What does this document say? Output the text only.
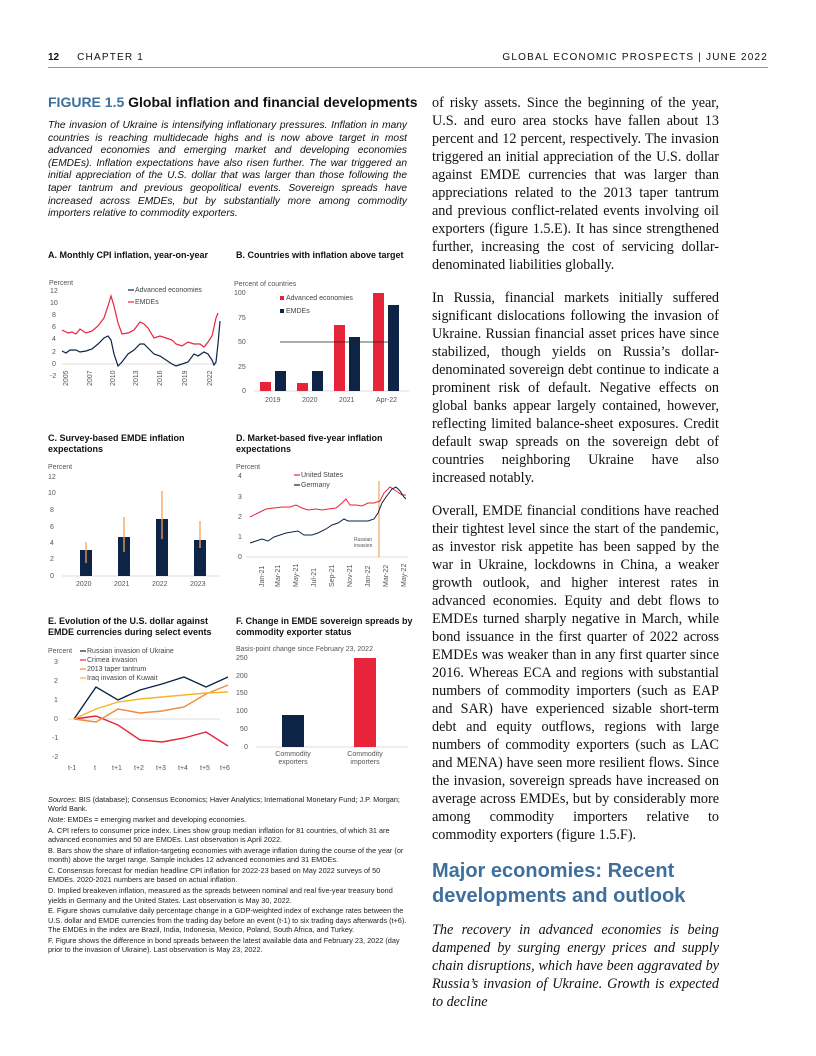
12 CHAPTER 1	GLOBAL ECONOMIC PROSPECTS | JUNE 2022
FIGURE 1.5 Global inflation and financial developments

The invasion of Ukraine is intensifying inflationary pressures. Inflation in many countries is reaching multidecade highs and is now above target in most advanced economies and emerging market and developing economies (EMDEs). Inflation expectations have also risen further. The war triggered an initial appreciation of the U.S. dollar that was larger than those following the taper tantrum and previous geopolitical events. Sovereign spreads have increased across EMDEs, but by substantially more among commodity importers relative to commodity exporters.

A. Monthly CPI inflation, year-on-year
Percent
12
10
8
6
4
2
0
-2
Advanced economies
EMDEs
2005 2007 2010 2013 2016	2019	2022
B. Countries with inflation above target
Percent of countries
100
75
50
25
0
Advanced economies
EMDEs
2019	2020	2021	Apr-22
C. Survey-based EMDE inflation expectations
Percent
12
10
8
6
4
2
0
2020	2021	2022	2023
D. Market-based five-year inflation expectations
Percent
4
3
2
1
0
Russian
invasion
United States
Germany
Jan-21 Mar-21 May-21 Jul-21 Sep-21 Nov-21 Jan-22 Mar-22 May-22
E. Evolution of the U.S. dollar against EMDE currencies during select events
Percent
3
2
1
0
-1
-2
Russian invasion of Ukraine
Crimea invasion
2013 taper tantrum
Iraq invasion of Kuwait
t-1	t t+1 t+2 t+3 t+4 t+5 t+6
F. Change in EMDE sovereign spreads by commodity exporter status
Basis-point change since February 23, 2022
250
200
150
100
50
0
Commodity
exporters
Commodity
importers

Sources: BIS (database); Consensus Economics; Haver Analytics; International Monetary Fund; J.P. Morgan; World Bank.

Note: EMDEs = emerging market and developing economies.

A. CPI refers to consumer price index. Lines show group median inflation for 81 countries, of which 31 are advanced economies and 50 are EMDEs. Last observation is April 2022.

B. Bars show the share of inflation-targeting economies with average inflation during the course of the year (or month) above the target range. Sample includes 12 advanced economies and 31 EMDEs.

C. Consensus forecast for median headline CPI inflation for 2022-23 based on May 2022 surveys of 50 EMDEs. 2020-2021 numbers are based on actual inflation.

D. Implied breakeven inflation, measured as the spreads between nominal and real five-year treasury bond yields in Germany and the United States. Last observation is May 30, 2022.

E. Figure shows cumulative daily percentage change in a GDP-weighted index of exchange rates between the U.S. dollar and EMDE currencies from the trading day before an event (t-1) to six trading days afterwards (t+6). The EMDEs in the index are Brazil, India, Indonesia, Mexico, Poland, South Africa, and Turkey.

F. Figure shows the difference in bond spreads between the latest available data and February 23, 2022 (day prior to the invasion of Ukraine). Last observation is May 23, 2022.

of risky assets. Since the beginning of the year, U.S. and euro area stocks have fallen about 13 percent and 12 percent, respectively. The invasion triggered an initial appreciation of the U.S. dollar against EMDE currencies that was larger than appreciations related to the 2013 taper tantrum and previous conflict-related events involving oil exporters (figure 1.5.E). It has since strengthened further, increasing the cost of servicing dollar-denominated liabilities globally.

In Russia, financial markets initially suffered significant dislocations following the invasion of Ukraine. Russian financial asset prices have since stabilized, though yields on Russia’s dollar-denominated sovereign debt continue to indicate a prominent risk of default. Negative effects on global banks appear largely contained, however, reflecting limited balance-sheet exposures. Credit default swap spreads on the sovereign debt of countries neighboring Ukraine have also increased notably.

Overall, EMDE financial conditions have reached their tightest level since the start of the pandemic, as investor risk appetite has been sapped by the war in Ukraine, lockdowns in China, a weaker growth outlook, and higher interest rates in advanced economies. Equity and debt flows to EMDEs turned sharply negative in March, while bond issuance in the first quarter of 2022 across EMDEs was weaker than in any first quarter since 2016. Whereas ECA and regions with substantial numbers of commodity importers (such as EAP and SAR) have experienced sizable short-term debt and equity outflows, regions with large numbers of commodity exporters (such as LAC and MENA) have seen more resilient flows. Since the invasion, sovereign spreads have increased on average across EMDEs, but by considerably more among commodity importers relative to commodity exporters (figure 1.5.F).

Major economies: Recent developments and outlook

The recovery in advanced economies is being dampened by surging energy prices and supply chain disruptions, which have been aggravated by Russia’s invasion of Ukraine. Growth is expected to decline
